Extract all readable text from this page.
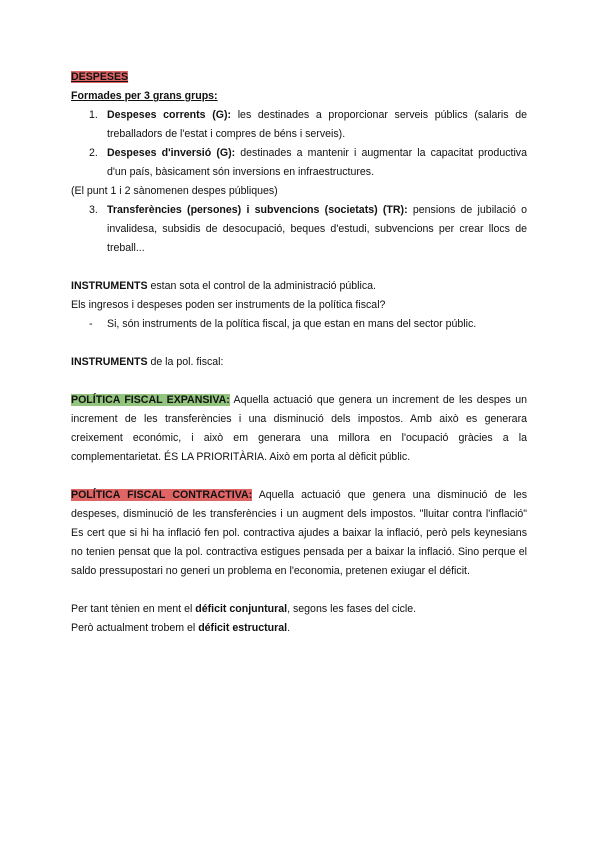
DESPESES

Formades per 3 grans grups:

1. Despeses corrents (G): les destinades a proporcionar serveis públics (salaris de treballadors de l'estat i compres de béns i serveis).
2. Despeses d'inversió (G): destinades a mantenir i augmentar la capacitat productiva d'un país, bàsicament són inversions en infraestructures.

(El punt 1 i 2 sànomenen despes públiques)

3. Transferències (persones) i subvencions (societats) (TR): pensions de jubilació o invalidesa, subsidis de desocupació, beques d'estudi, subvencions per crear llocs de treball...

INSTRUMENTS estan sota el control de la administració pública.

Els ingresos i despeses poden ser instruments de la política fiscal?

- Si, són instruments de la política fiscal, ja que estan en mans del sector públic.

INSTRUMENTS de la pol. fiscal:

POLÍTICA FISCAL EXPANSIVA: Aquella actuació que genera un increment de les despes un increment de les transferències i una disminució dels impostos. Amb això es generara creixement económic, i això em generara una millora en l'ocupació gràcies a la complementarietat. ÉS LA PRIORITÀRIA. Això em porta al dèficit públic.

POLÍTICA FISCAL CONTRACTIVA: Aquella actuació que genera una disminució de les despeses, disminució de les transferències i un augment dels impostos. "lluitar contra l'inflació" Es cert que si hi ha inflació fen pol. contractiva ajudes a baixar la inflació, però pels keynesians no tenien pensat que la pol. contractiva estigues pensada per a baixar la inflació. Sino perque el saldo pressupostari no generi un problema en l'economia, pretenen exiugar el déficit.

Per tant tènien en ment el déficit conjuntural, segons les fases del cicle.

Però actualment trobem el déficit estructural.
